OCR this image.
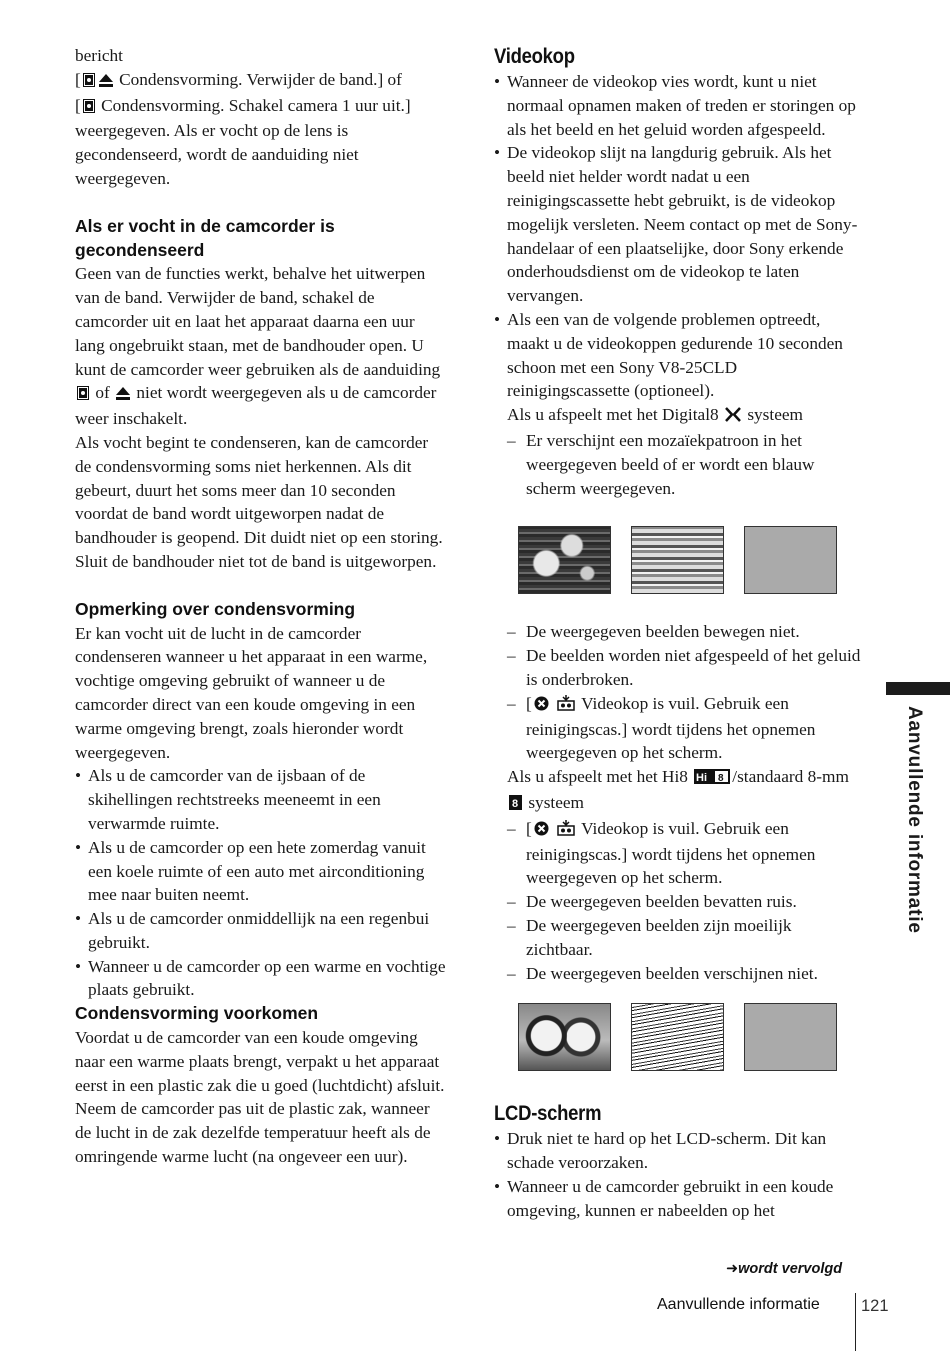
bericht
[ Condensvorming. Verwijder de band.] of
[ Condensvorming. Schakel camera 1 uur uit.] weergegeven. Als er vocht op de lens is gecondenseerd, wordt de aanduiding niet weergegeven.

Als er vocht in de camcorder is gecondenseerd

Geen van de functies werkt, behalve het uitwerpen van de band. Verwijder de band, schakel de camcorder uit en laat het apparaat daarna een uur lang ongebruikt staan, met de bandhouder open. U kunt de camcorder weer gebruiken als de aanduiding  of niet wordt weergegeven als u de camcorder weer inschakelt.

Als vocht begint te condenseren, kan de camcorder de condensvorming soms niet herkennen. Als dit gebeurt, duurt het soms meer dan 10 seconden voordat de band wordt uitgeworpen nadat de bandhouder is geopend. Dit duidt niet op een storing. Sluit de bandhouder niet tot de band is uitgeworpen.

Opmerking over condensvorming

Er kan vocht uit de lucht in de camcorder condenseren wanneer u het apparaat in een warme, vochtige omgeving gebruikt of wanneer u de camcorder direct van een koude omgeving in een warme omgeving brengt, zoals hieronder wordt weergegeven.

• Als u de camcorder van de ijsbaan of de skihellingen rechtstreeks meeneemt in een verwarmde ruimte.
• Als u de camcorder op een hete zomerdag vanuit een koele ruimte of een auto met airconditioning mee naar buiten neemt.
• Als u de camcorder onmiddellijk na een regenbui gebruikt.
• Wanneer u de camcorder op een warme en vochtige plaats gebruikt.
Condensvorming voorkomen

Voordat u de camcorder van een koude omgeving naar een warme plaats brengt, verpakt u het apparaat eerst in een plastic zak die u goed (luchtdicht) afsluit. Neem de camcorder pas uit de plastic zak, wanneer de lucht in de zak dezelfde temperatuur heeft als de omringende warme lucht (na ongeveer een uur).

Videokop
• Wanneer de videokop vies wordt, kunt u niet normaal opnamen maken of treden er storingen op als het beeld en het geluid worden afgespeeld.
• De videokop slijt na langdurig gebruik. Als het beeld niet helder wordt nadat u een reinigingscassette hebt gebruikt, is de videokop mogelijk versleten. Neem contact op met de Sony-handelaar of een plaatselijke, door Sony erkende onderhoudsdienst om de videokop te laten vervangen.
• Als een van de volgende problemen optreedt, maakt u de videokoppen gedurende 10 seconden schoon met een Sony V8-25CLD reinigingscassette (optioneel).

Als u afspeelt met het Digital8 systeem

– Er verschijnt een mozaïekpatroon in het weergegeven beeld of er wordt een blauw scherm weergegeven.
– De weergegeven beelden bewegen niet.
– De beelden worden niet afgespeeld of het geluid is onderbroken.
– [	Videokop is vuil. Gebruik een reinigingscas.] wordt tijdens het opnemen weergegeven op het scherm.

Als u afspeelt met het Hi8 Hi 8 /standaard 8-mm
8 systeem

– [	Videokop is vuil. Gebruik een reinigingscas.] wordt tijdens het opnemen weergegeven op het scherm.
– De weergegeven beelden bevatten ruis.
– De weergegeven beelden zijn moeilijk zichtbaar.
– De weergegeven beelden verschijnen niet.
LCD-scherm
• Druk niet te hard op het LCD-scherm. Dit kan schade veroorzaken.
• Wanneer u de camcorder gebruikt in een koude omgeving, kunnen er nabeelden op het
Aanvullende informatie
➜wordt vervolgd
Aanvullende informatie 121
